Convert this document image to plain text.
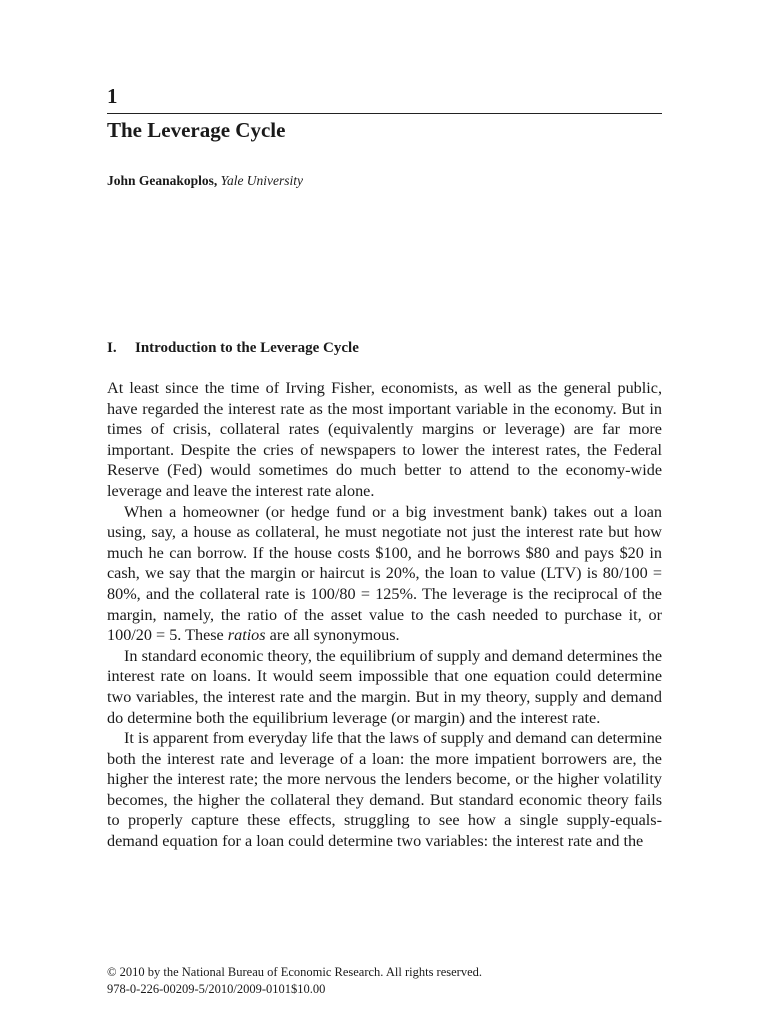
1
The Leverage Cycle
John Geanakoplos, Yale University
I. Introduction to the Leverage Cycle

At least since the time of Irving Fisher, economists, as well as the general public, have regarded the interest rate as the most important variable in the economy. But in times of crisis, collateral rates (equivalently margins or leverage) are far more important. Despite the cries of newspapers to lower the interest rates, the Federal Reserve (Fed) would sometimes do much better to attend to the economy-wide leverage and leave the interest rate alone.

When a homeowner (or hedge fund or a big investment bank) takes out a loan using, say, a house as collateral, he must negotiate not just the interest rate but how much he can borrow. If the house costs $100, and he borrows $80 and pays $20 in cash, we say that the margin or haircut is 20%, the loan to value (LTV) is 80/100 = 80%, and the collateral rate is 100/80 = 125%. The leverage is the reciprocal of the margin, namely, the ratio of the asset value to the cash needed to purchase it, or 100/20 = 5. These ratios are all synonymous.

In standard economic theory, the equilibrium of supply and demand determines the interest rate on loans. It would seem impossible that one equation could determine two variables, the interest rate and the margin. But in my theory, supply and demand do determine both the equilibrium leverage (or margin) and the interest rate.

It is apparent from everyday life that the laws of supply and demand can determine both the interest rate and leverage of a loan: the more impatient borrowers are, the higher the interest rate; the more nervous the lenders become, or the higher volatility becomes, the higher the collateral they demand. But standard economic theory fails to properly capture these effects, struggling to see how a single supply-equals-demand equation for a loan could determine two variables: the interest rate and the

© 2010 by the National Bureau of Economic Research. All rights reserved.
978-0-226-00209-5/2010/2009-0101$10.00
